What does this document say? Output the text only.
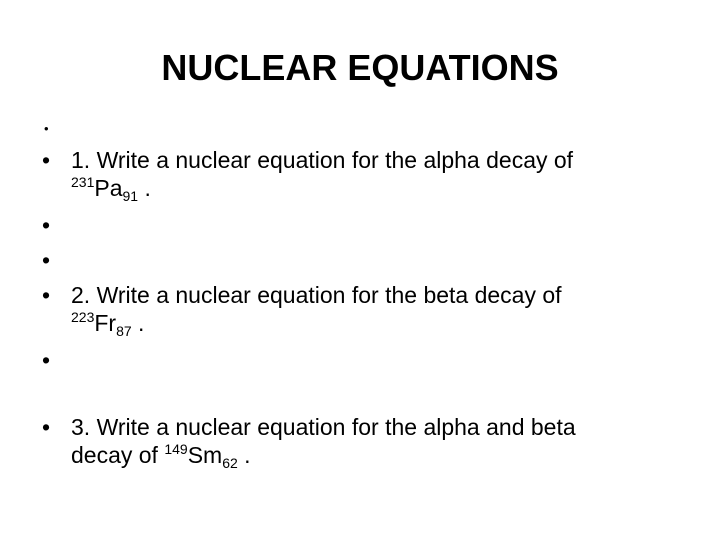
NUCLEAR EQUATIONS
•
• 1. Write a nuclear equation for the alpha decay of
$^{231}Pa_{91}$ .
•
•
• 2. Write a nuclear equation for the beta decay of
$^{223}Fr_{87}$ .
•
• 3. Write a nuclear equation for the alpha and beta
decay of $^{149}Sm_{62}$ .
